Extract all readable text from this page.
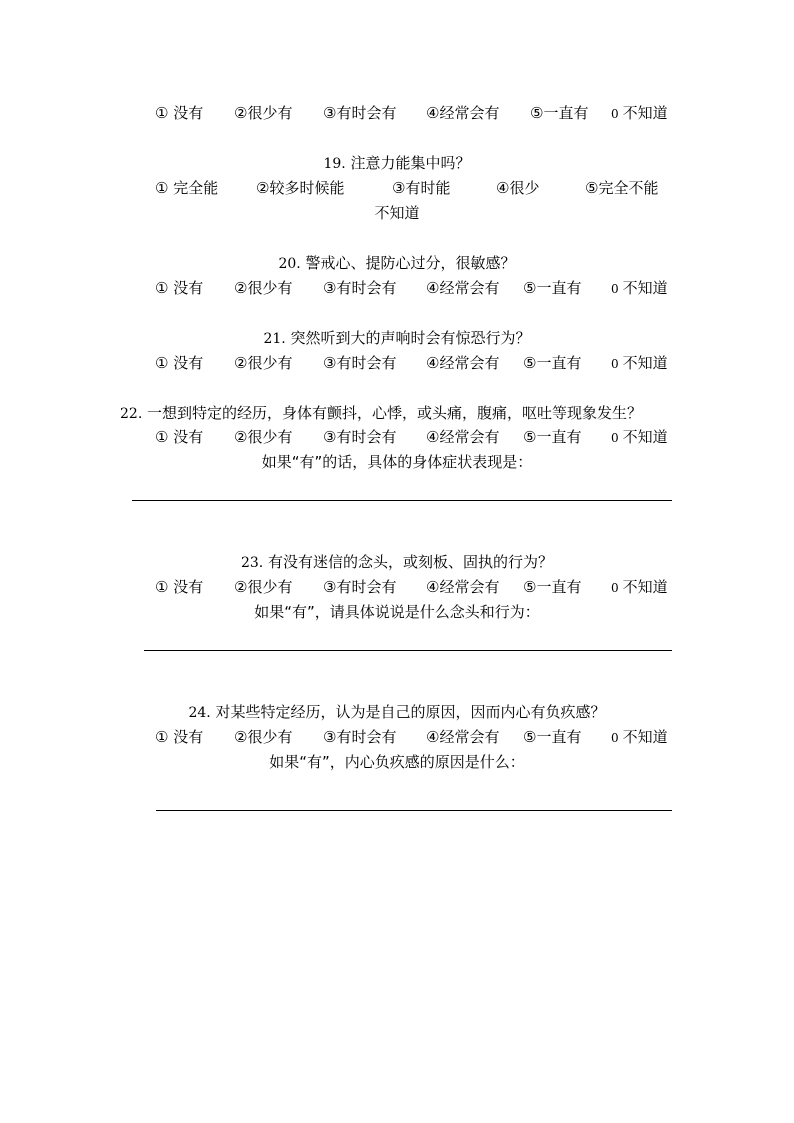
① 没有 ②很少有 ③有时会有 ④经常会有 ⑤一直有 0 不知道
19. 注意力能集中吗？
① 完全能	②较多时候能	③有时能	④很少	⑤完全不能
不知道
20. 警戒心、提防心过分，很敏感？
① 没有 ②很少有 ③有时会有 ④经常会有 ⑤一直有 0 不知道
21. 突然听到大的声响时会有惊恐行为？
① 没有 ②很少有 ③有时会有 ④经常会有 ⑤一直有 0 不知道
22. 一想到特定的经历，身体有颤抖，心悸，或头痛，腹痛，呕吐等现象发生？
① 没有 ②很少有 ③有时会有 ④经常会有 ⑤一直有 0 不知道
如果“有”的话，具体的身体症状表现是：
23. 有没有迷信的念头，或刻板、固执的行为？
① 没有 ②很少有 ③有时会有 ④经常会有 ⑤一直有 0 不知道
如果“有”，请具体说说是什么念头和行为：
24. 对某些特定经历，认为是自己的原因，因而内心有负疚感？
① 没有 ②很少有 ③有时会有 ④经常会有 ⑤一直有 0 不知道
如果“有”，内心负疚感的原因是什么：
